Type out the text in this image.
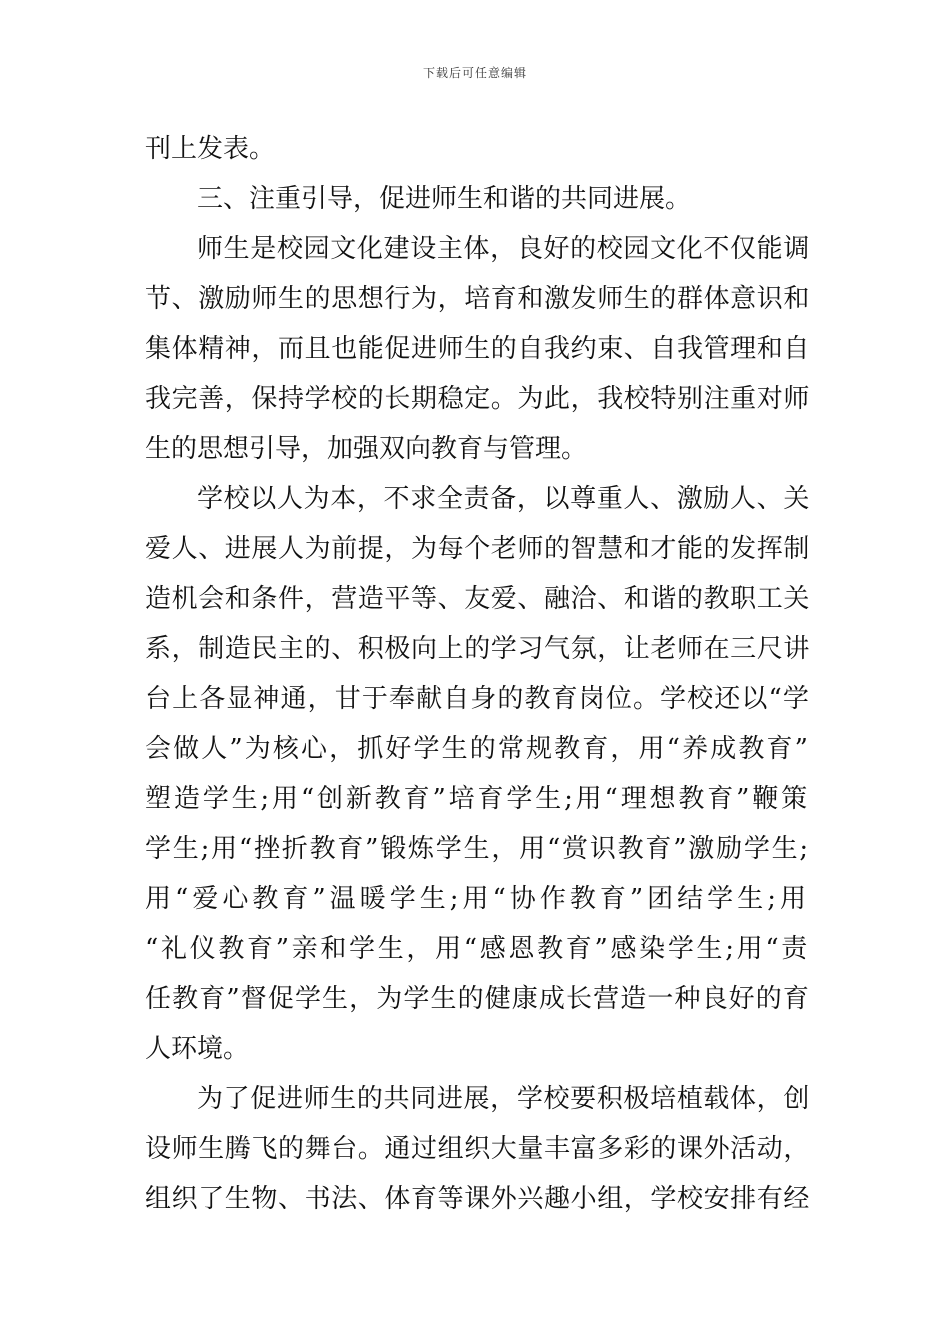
下载后可任意编辑
刊上发表。
三、注重引导，促进师生和谐的共同进展。
师生是校园文化建设主体，良好的校园文化不仅能调
节、激励师生的思想行为，培育和激发师生的群体意识和
集体精神，而且也能促进师生的自我约束、自我管理和自
我完善，保持学校的长期稳定。为此，我校特别注重对师
生的思想引导，加强双向教育与管理。
学校以人为本，不求全责备，以尊重人、激励人、关
爱人、进展人为前提，为每个老师的智慧和才能的发挥制
造机会和条件，营造平等、友爱、融洽、和谐的教职工关
系，制造民主的、积极向上的学习气氛，让老师在三尺讲
台上各显神通，甘于奉献自身的教育岗位。学校还以“学
会做人”为核心，抓好学生的常规教育，用“养成教育”
塑造学生;用“创新教育”培育学生;用“理想教育”鞭策
学生;用“挫折教育”锻炼学生，用“赏识教育”激励学生;
用“爱心教育”温暖学生;用“协作教育”团结学生;用
“礼仪教育”亲和学生，用“感恩教育”感染学生;用“责
任教育”督促学生，为学生的健康成长营造一种良好的育
人环境。
为了促进师生的共同进展，学校要积极培植载体，创
设师生腾飞的舞台。通过组织大量丰富多彩的课外活动，
组织了生物、书法、体育等课外兴趣小组，学校安排有经
